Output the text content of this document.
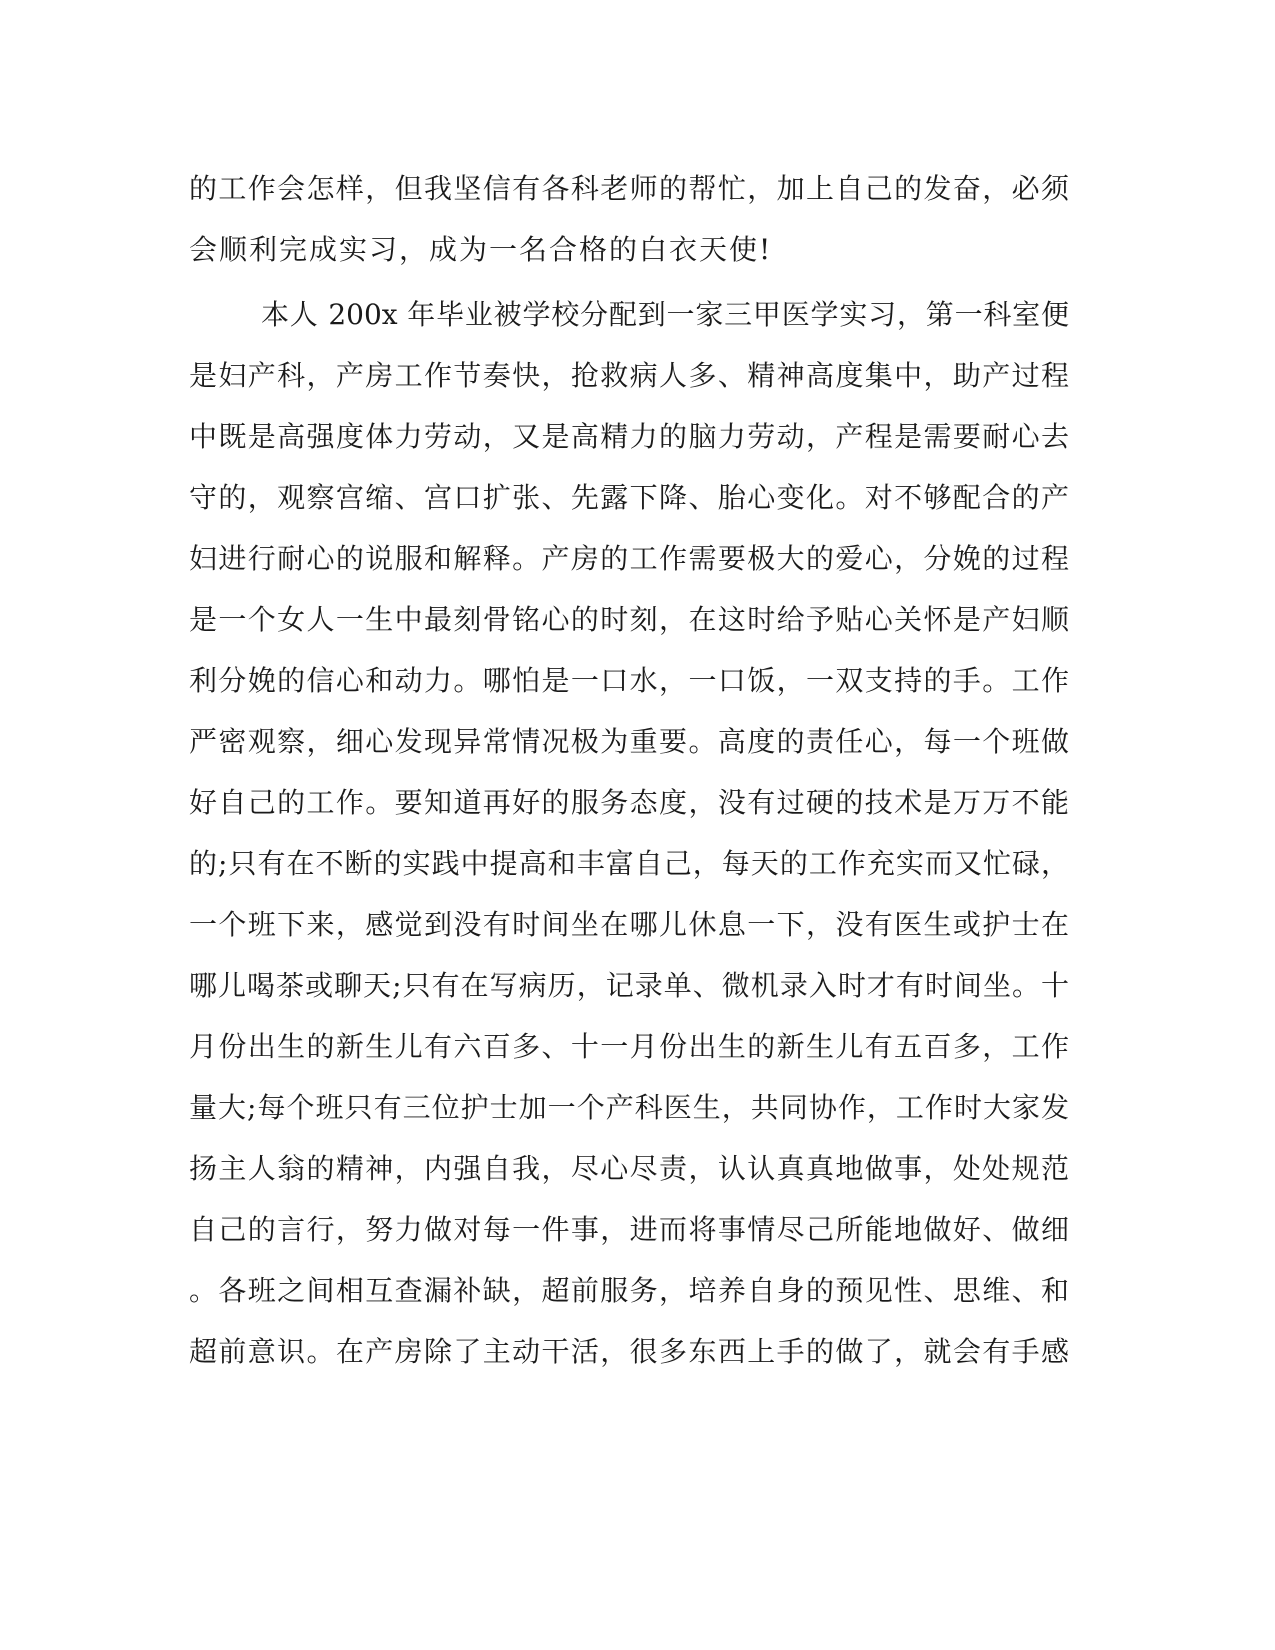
的工作会怎样，但我坚信有各科老师的帮忙，加上自己的发奋，必须
会顺利完成实习，成为一名合格的白衣天使!
本人 200x 年毕业被学校分配到一家三甲医学实习，第一科室便
是妇产科，产房工作节奏快，抢救病人多、精神高度集中，助产过程
中既是高强度体力劳动，又是高精力的脑力劳动，产程是需要耐心去
守的，观察宫缩、宫口扩张、先露下降、胎心变化。对不够配合的产
妇进行耐心的说服和解释。产房的工作需要极大的爱心，分娩的过程
是一个女人一生中最刻骨铭心的时刻，在这时给予贴心关怀是产妇顺
利分娩的信心和动力。哪怕是一口水，一口饭，一双支持的手。工作
严密观察，细心发现异常情况极为重要。高度的责任心，每一个班做
好自己的工作。要知道再好的服务态度，没有过硬的技术是万万不能
的;只有在不断的实践中提高和丰富自己，每天的工作充实而又忙碌，
一个班下来，感觉到没有时间坐在哪儿休息一下，没有医生或护士在
哪儿喝茶或聊天;只有在写病历，记录单、微机录入时才有时间坐。十
月份出生的新生儿有六百多、十一月份出生的新生儿有五百多，工作
量大;每个班只有三位护士加一个产科医生，共同协作，工作时大家发
扬主人翁的精神，内强自我，尽心尽责，认认真真地做事，处处规范
自己的言行，努力做对每一件事，进而将事情尽己所能地做好、做细
。各班之间相互查漏补缺，超前服务，培养自身的预见性、思维、和
超前意识。在产房除了主动干活，很多东西上手的做了，就会有手感
